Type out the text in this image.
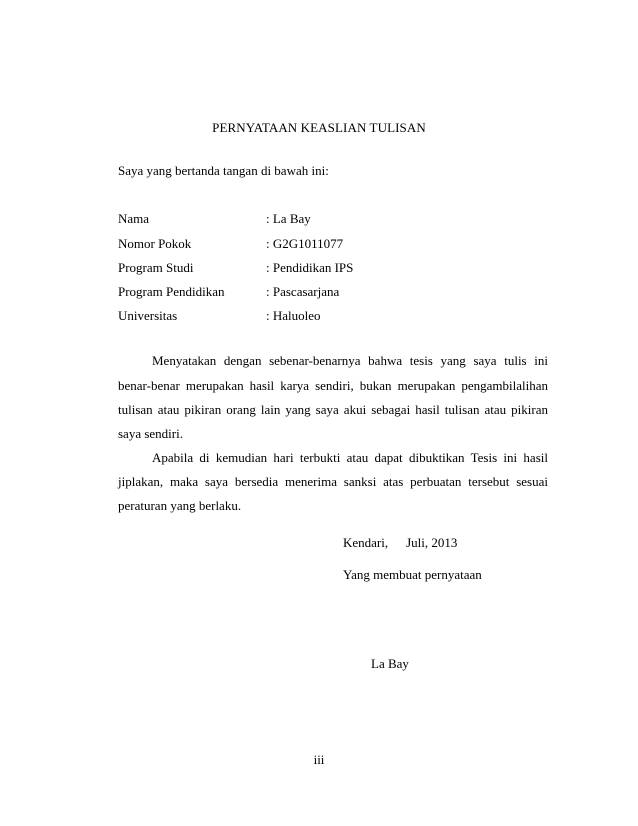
PERNYATAAN KEASLIAN TULISAN
Saya yang bertanda tangan di bawah ini:
Nama	: La Bay
Nomor Pokok	: G2G1011077
Program Studi	: Pendidikan IPS
Program Pendidikan	: Pascasarjana
Universitas	: Haluoleo
Menyatakan dengan sebenar-benarnya bahwa tesis yang saya tulis ini
benar-benar merupakan hasil karya sendiri, bukan merupakan pengambilalihan
tulisan atau pikiran orang lain yang saya akui sebagai hasil tulisan atau pikiran
saya sendiri.
Apabila di kemudian hari terbukti atau dapat dibuktikan Tesis ini hasil
jiplakan, maka saya bersedia menerima sanksi atas perbuatan tersebut sesuai
peraturan yang berlaku.
Kendari, Juli, 2013
Yang membuat pernyataan
La Bay
iii
